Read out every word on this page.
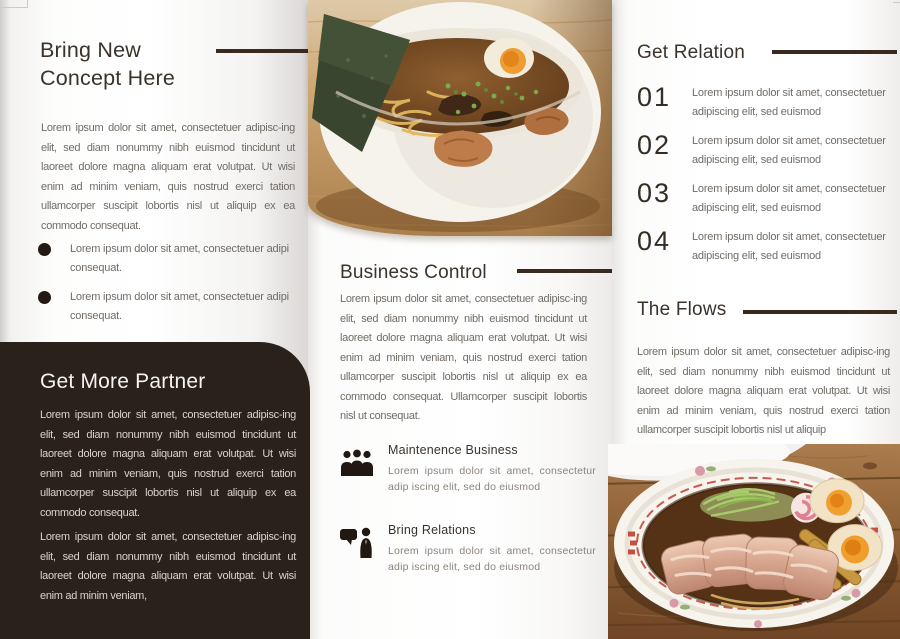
Bring New
Concept Here
Lorem ipsum dolor sit amet, consectetuer adipisc-ing elit, sed diam nonummy nibh euismod tincidunt ut laoreet dolore magna aliquam erat volutpat. Ut wisi enim ad minim veniam, quis nostrud exerci tation ullamcorper suscipit lobortis nisl ut aliquip ex ea commodo consequat.
Lorem ipsum dolor sit amet, consectetuer adipi consequat.
Lorem ipsum dolor sit amet, consectetuer adipi consequat.
Get More Partner
Lorem ipsum dolor sit amet, consectetuer adipisc-ing elit, sed diam nonummy nibh euismod tincidunt ut laoreet dolore magna aliquam erat volutpat. Ut wisi enim ad minim veniam, quis nostrud exerci tation ullamcorper suscipit lobortis nisl ut aliquip ex ea commodo consequat.
Lorem ipsum dolor sit amet, consectetuer adipisc-ing elit, sed diam nonummy nibh euismod tincidunt ut laoreet dolore magna aliquam erat volutpat. Ut wisi enim ad minim veniam,
Business Control
Lorem ipsum dolor sit amet, consectetuer adipisc-ing elit, sed diam nonummy nibh euismod tincidunt ut laoreet dolore magna aliquam erat volutpat. Ut wisi enim ad minim veniam, quis nostrud exerci tation ullamcorper suscipit lobortis nisl ut aliquip ex ea commodo consequat. Ullamcorper suscipit lobortis nisl ut consequat.
Maintenence Business
Lorem ipsum dolor sit amet, consectetur adip iscing elit, sed do eiusmod
Bring Relations
Lorem ipsum dolor sit amet, consectetur adip iscing elit, sed do eiusmod
Get Relation
01	Lorem ipsum dolor sit amet, consectetuer adipiscing elit, sed euismod
02	Lorem ipsum dolor sit amet, consectetuer adipiscing elit, sed euismod
03	Lorem ipsum dolor sit amet, consectetuer adipiscing elit, sed euismod
04	Lorem ipsum dolor sit amet, consectetuer adipiscing elit, sed euismod
The Flows
Lorem ipsum dolor sit amet, consectetuer adipisc-ing elit, sed diam nonummy nibh euismod tincidunt ut laoreet dolore magna aliquam erat volutpat. Ut wisi enim ad minim veniam, quis nostrud exerci tation ullamcorper suscipit lobortis nisl ut aliquip
